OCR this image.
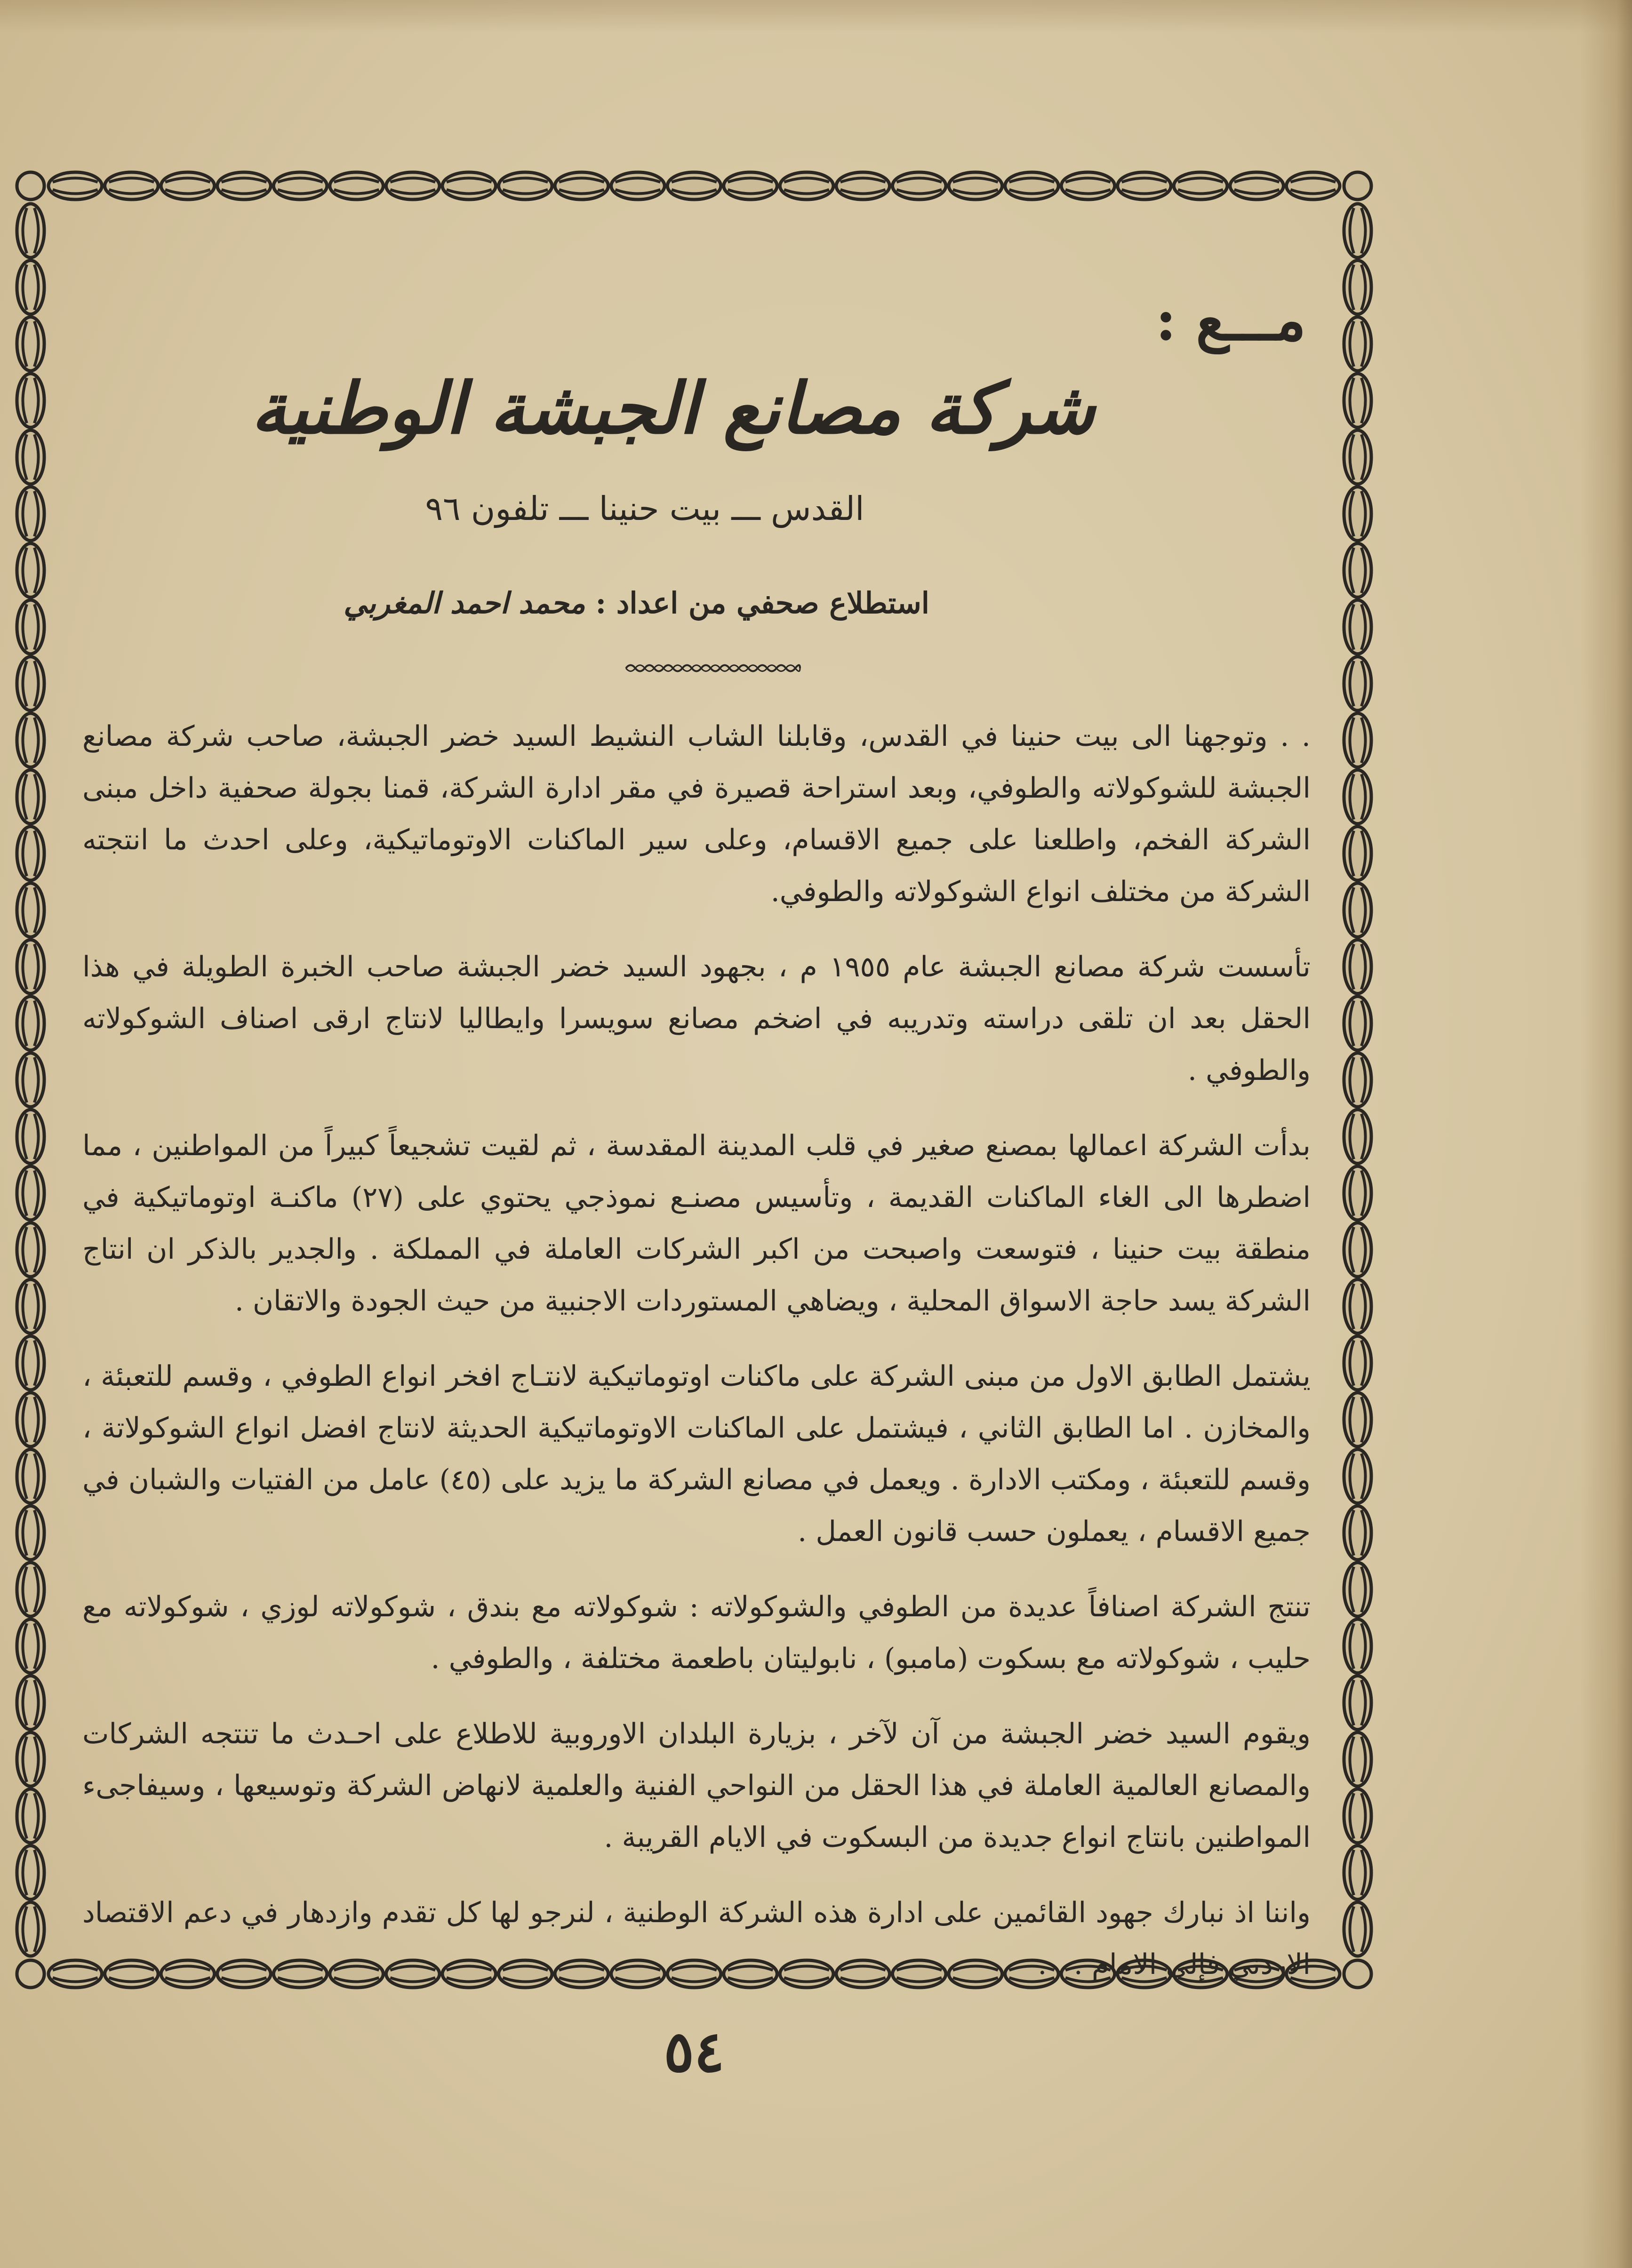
مـــع :
شركة مصانع الجبشة الوطنية
القدس ـــ بيت حنينا ـــ تلفون ٩٦
استطلاع صحفي من اعداد : محمد احمد المغربي

. . وتوجهنا الى بيت حنينا في القدس، وقابلنا الشاب النشيط السيد خضر الجبشة، صاحب شركة مصانع الجبشة للشوكولاته والطوفي، وبعد استراحة قصيرة في مقر ادارة الشركة، قمنا بجولة صحفية داخل مبنى الشركة الفخم، واطلعنا على جميع الاقسام، وعلى سير الماكنات الاوتوماتيكية، وعلى احدث ما انتجته الشركة من مختلف انواع الشوكولاته والطوفي.

تأسست شركة مصانع الجبشة عام ١٩٥٥ م ، بجهود السيد خضر الجبشة صاحب الخبرة الطويلة في هذا الحقل بعد ان تلقى دراسته وتدريبه في اضخم مصانع سويسرا وايطاليا لانتاج ارقى اصناف الشوكولاته والطوفي .

بدأت الشركة اعمالها بمصنع صغير في قلب المدينة المقدسة ، ثم لقيت تشجيعاً كبيراً من المواطنين ، مما اضطرها الى الغاء الماكنات القديمة ، وتأسيس مصنـع نموذجي يحتوي على (٢٧) ماكنـة اوتوماتيكية في منطقة بيت حنينا ، فتوسعت واصبحت من اكبر الشركات العاملة في المملكة . والجدير بالذكر ان انتاج الشركة يسد حاجة الاسواق المحلية ، ويضاهي المستوردات الاجنبية من حيث الجودة والاتقان .

يشتمل الطابق الاول من مبنى الشركة على ماكنات اوتوماتيكية لانتـاج افخر انواع الطوفي ، وقسم للتعبئة ، والمخازن . اما الطابق الثاني ، فيشتمل على الماكنات الاوتوماتيكية الحديثة لانتاج افضل انواع الشوكولاتة ، وقسم للتعبئة ، ومكتب الادارة . ويعمل في مصانع الشركة ما يزيد على (٤٥) عامل من الفتيات والشبان في جميع الاقسام ، يعملون حسب قانون العمل .

تنتج الشركة اصنافاً عديدة من الطوفي والشوكولاته : شوكولاته مع بندق ، شوكولاته لوزي ، شوكولاته مع حليب ، شوكولاته مع بسكوت (مامبو) ، نابوليتان باطعمة مختلفة ، والطوفي .

ويقوم السيد خضر الجبشة من آن لآخر ، بزيارة البلدان الاوروبية للاطلاع على احـدث ما تنتجه الشركات والمصانع العالمية العاملة في هذا الحقل من النواحي الفنية والعلمية لانهاض الشركة وتوسيعها ، وسيفاجىء المواطنين بانتاج انواع جديدة من البسكوت في الايام القريبة .

واننا اذ نبارك جهود القائمين على ادارة هذه الشركة الوطنية ، لنرجو لها كل تقدم وازدهار في دعم الاقتصاد الاردني فإلى الامام . . .

٥٤
